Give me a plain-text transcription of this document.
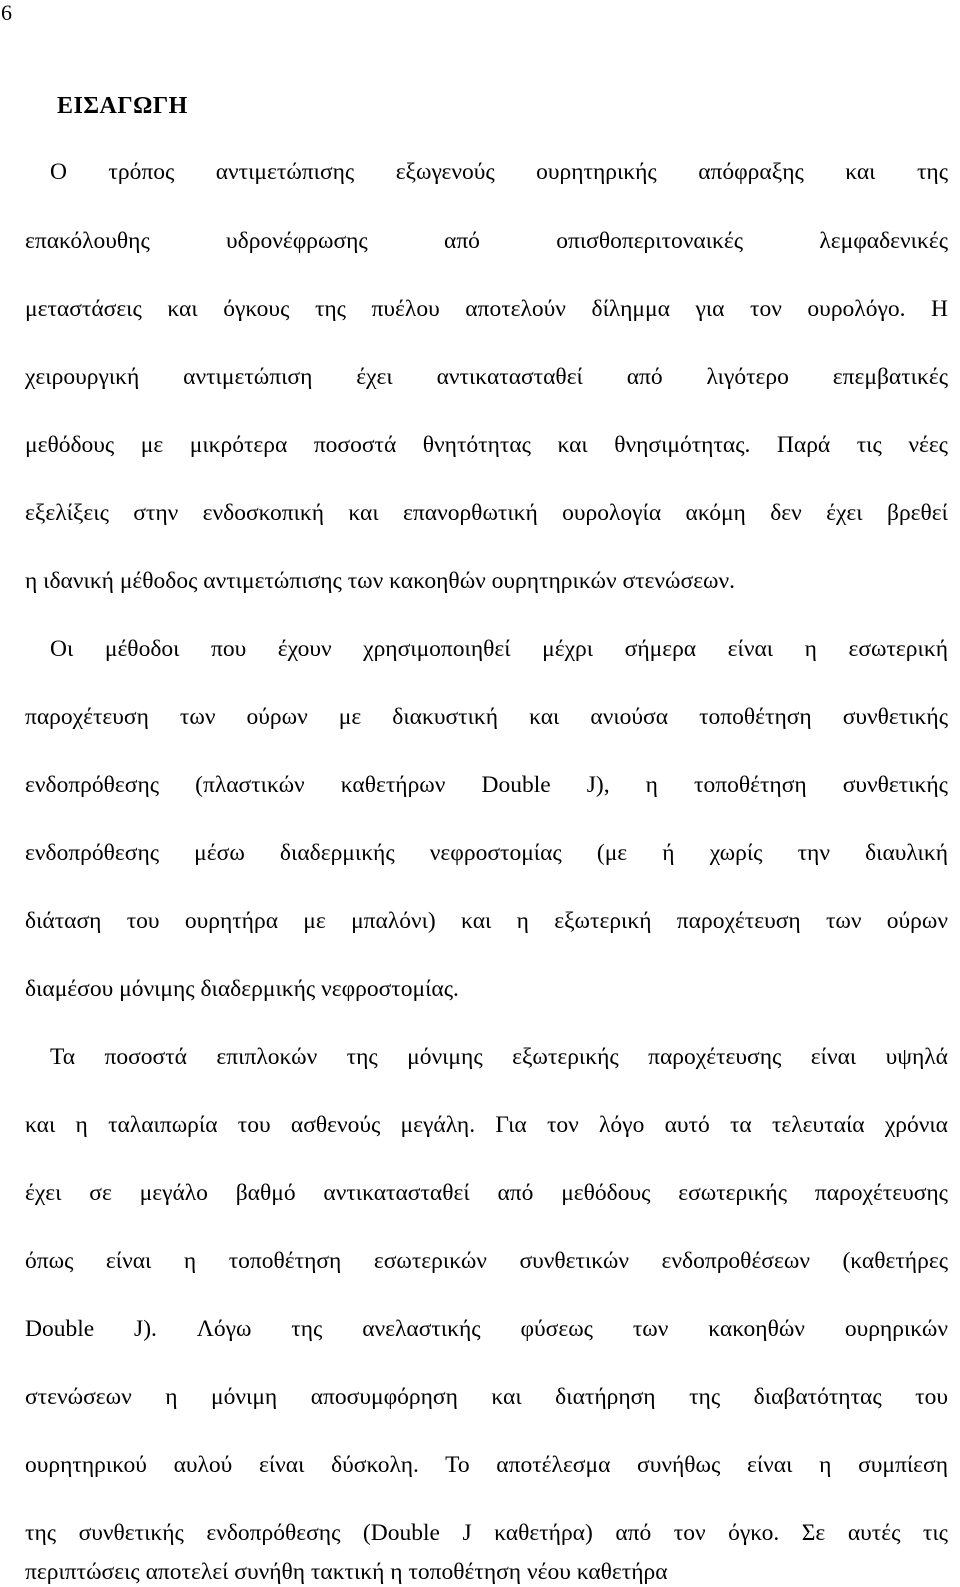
6
ΕΙΣΑΓΩΓΗ
Ο τρόπος αντιμετώπισης εξωγενούς ουρητηρικής απόφραξης και της
επακόλουθης υδρονέφρωσης από οπισθοπεριτοναικές λεμφαδενικές
μεταστάσεις και όγκους της πυέλου αποτελούν δίλημμα για τον ουρολόγο. Η
χειρουργική αντιμετώπιση έχει αντικατασταθεί από λιγότερο επεμβατικές
μεθόδους με μικρότερα ποσοστά θνητότητας και θνησιμότητας. Παρά τις νέες
εξελίξεις στην ενδοσκοπική και επανορθωτική ουρολογία ακόμη δεν έχει βρεθεί
η ιδανική μέθοδος αντιμετώπισης των κακοηθών ουρητηρικών στενώσεων.
Οι μέθοδοι που έχουν χρησιμοποιηθεί μέχρι σήμερα είναι η εσωτερική
παροχέτευση των ούρων με διακυστική και ανιούσα τοποθέτηση συνθετικής
ενδοπρόθεσης (πλαστικών καθετήρων Double J), η τοποθέτηση συνθετικής
ενδοπρόθεσης μέσω διαδερμικής νεφροστομίας (με ή χωρίς την διαυλική
διάταση του ουρητήρα με μπαλόνι) και η εξωτερική παροχέτευση των ούρων
διαμέσου μόνιμης διαδερμικής νεφροστομίας.
Τα ποσοστά επιπλοκών της μόνιμης εξωτερικής παροχέτευσης είναι υψηλά
και η ταλαιπωρία του ασθενούς μεγάλη. Για τον λόγο αυτό τα τελευταία χρόνια
έχει σε μεγάλο βαθμό αντικατασταθεί από μεθόδους εσωτερικής παροχέτευσης
όπως είναι η τοποθέτηση εσωτερικών συνθετικών ενδοπροθέσεων (καθετήρες
Double J). Λόγω της ανελαστικής φύσεως των κακοηθών ουρηρικών
στενώσεων η μόνιμη αποσυμφόρηση και διατήρηση της διαβατότητας του
ουρητηρικού αυλού είναι δύσκολη. Το αποτέλεσμα συνήθως είναι η συμπίεση
της συνθετικής ενδοπρόθεσης (Double J καθετήρα) από τον όγκο. Σε αυτές τις
περιπτώσεις αποτελεί συνήθη τακτική η τοποθέτηση νέου καθετήρα
